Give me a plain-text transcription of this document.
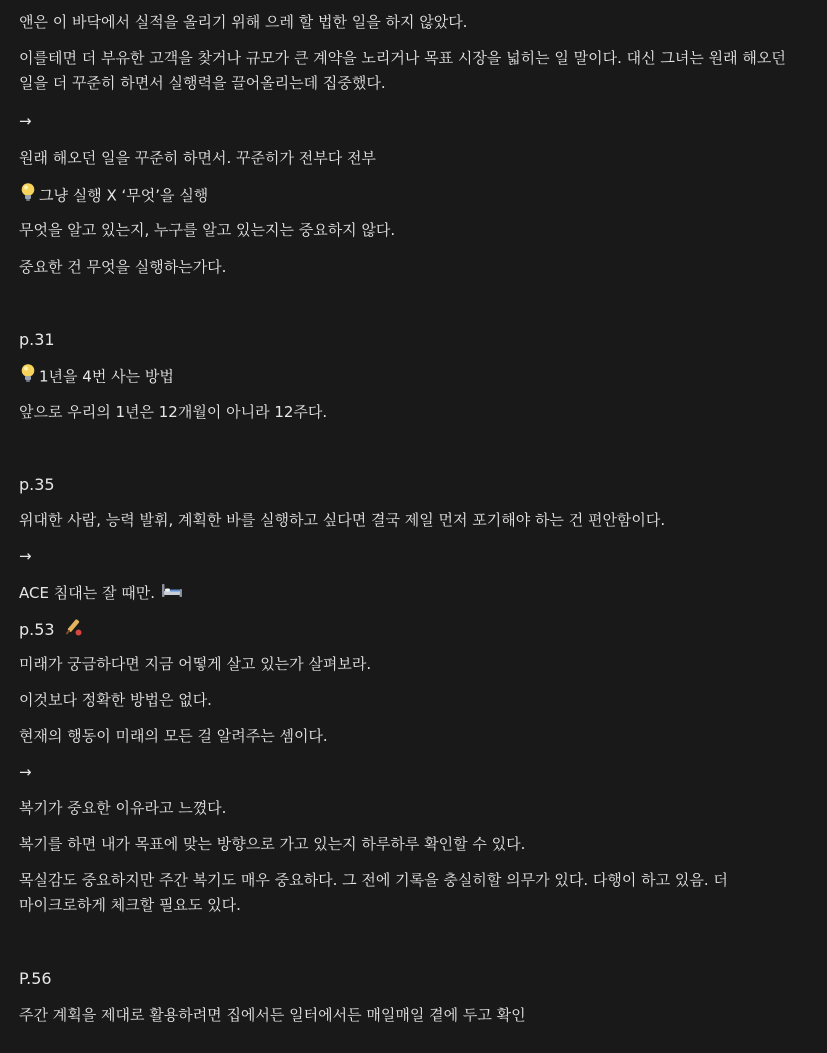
앤은 이 바닥에서 실적을 올리기 위해 으레 할 법한 일을 하지 않았다.
이를테면 더 부유한 고객을 찾거나 규모가 큰 계약을 노리거나 목표 시장을 넓히는 일 말이다. 대신 그녀는 원래 해오던 일을 더 꾸준히 하면서 실행력을 끌어올리는데 집중했다.
→
원래 해오던 일을 꾸준히 하면서. 꾸준히가 전부다 전부
그냥 실행 X ‘무엇’을 실행
무엇을 알고 있는지, 누구를 알고 있는지는 중요하지 않다.
중요한 건 무엇을 실행하는가다.
p.31
1년을 4번 사는 방법
앞으로 우리의 1년은 12개월이 아니라 12주다.
p.35
위대한 사람, 능력 발휘, 계획한 바를 실행하고 싶다면 결국 제일 먼저 포기해야 하는 건 편안함이다.
→
ACE 침대는 잘 때만.
p.53
미래가 궁금하다면 지금 어떻게 살고 있는가 살펴보라.
이것보다 정확한 방법은 없다.
현재의 행동이 미래의 모든 걸 알려주는 셈이다.
→
복기가 중요한 이유라고 느꼈다.
복기를 하면 내가 목표에 맞는 방향으로 가고 있는지 하루하루 확인할 수 있다.
목실감도 중요하지만 주간 복기도 매우 중요하다. 그 전에 기록을 충실히할 의무가 있다. 다행이 하고 있음. 더 마이크로하게 체크할 필요도 있다.
P.56
주간 계획을 제대로 활용하려면 집에서든 일터에서든 매일매일 곁에 두고 확인
